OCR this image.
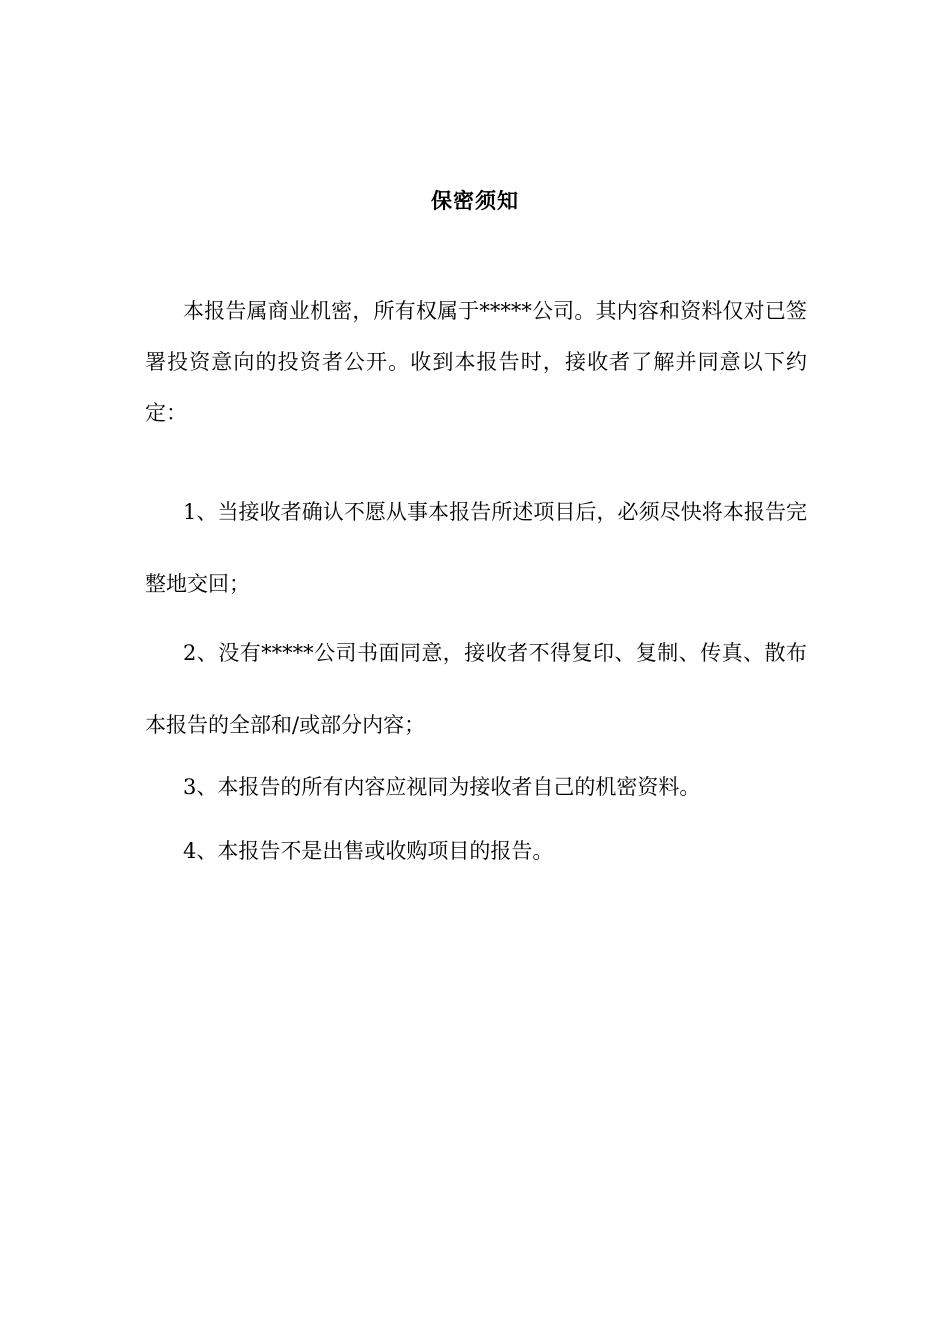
保密须知

本报告属商业机密，所有权属于*****公司。其内容和资料仅对已签署投资意向的投资者公开。收到本报告时，接收者了解并同意以下约定：

1、当接收者确认不愿从事本报告所述项目后，必须尽快将本报告完整地交回；

2、没有*****公司书面同意，接收者不得复印、复制、传真、散布本报告的全部和/或部分内容；

3、本报告的所有内容应视同为接收者自己的机密资料。

4、本报告不是出售或收购项目的报告。
